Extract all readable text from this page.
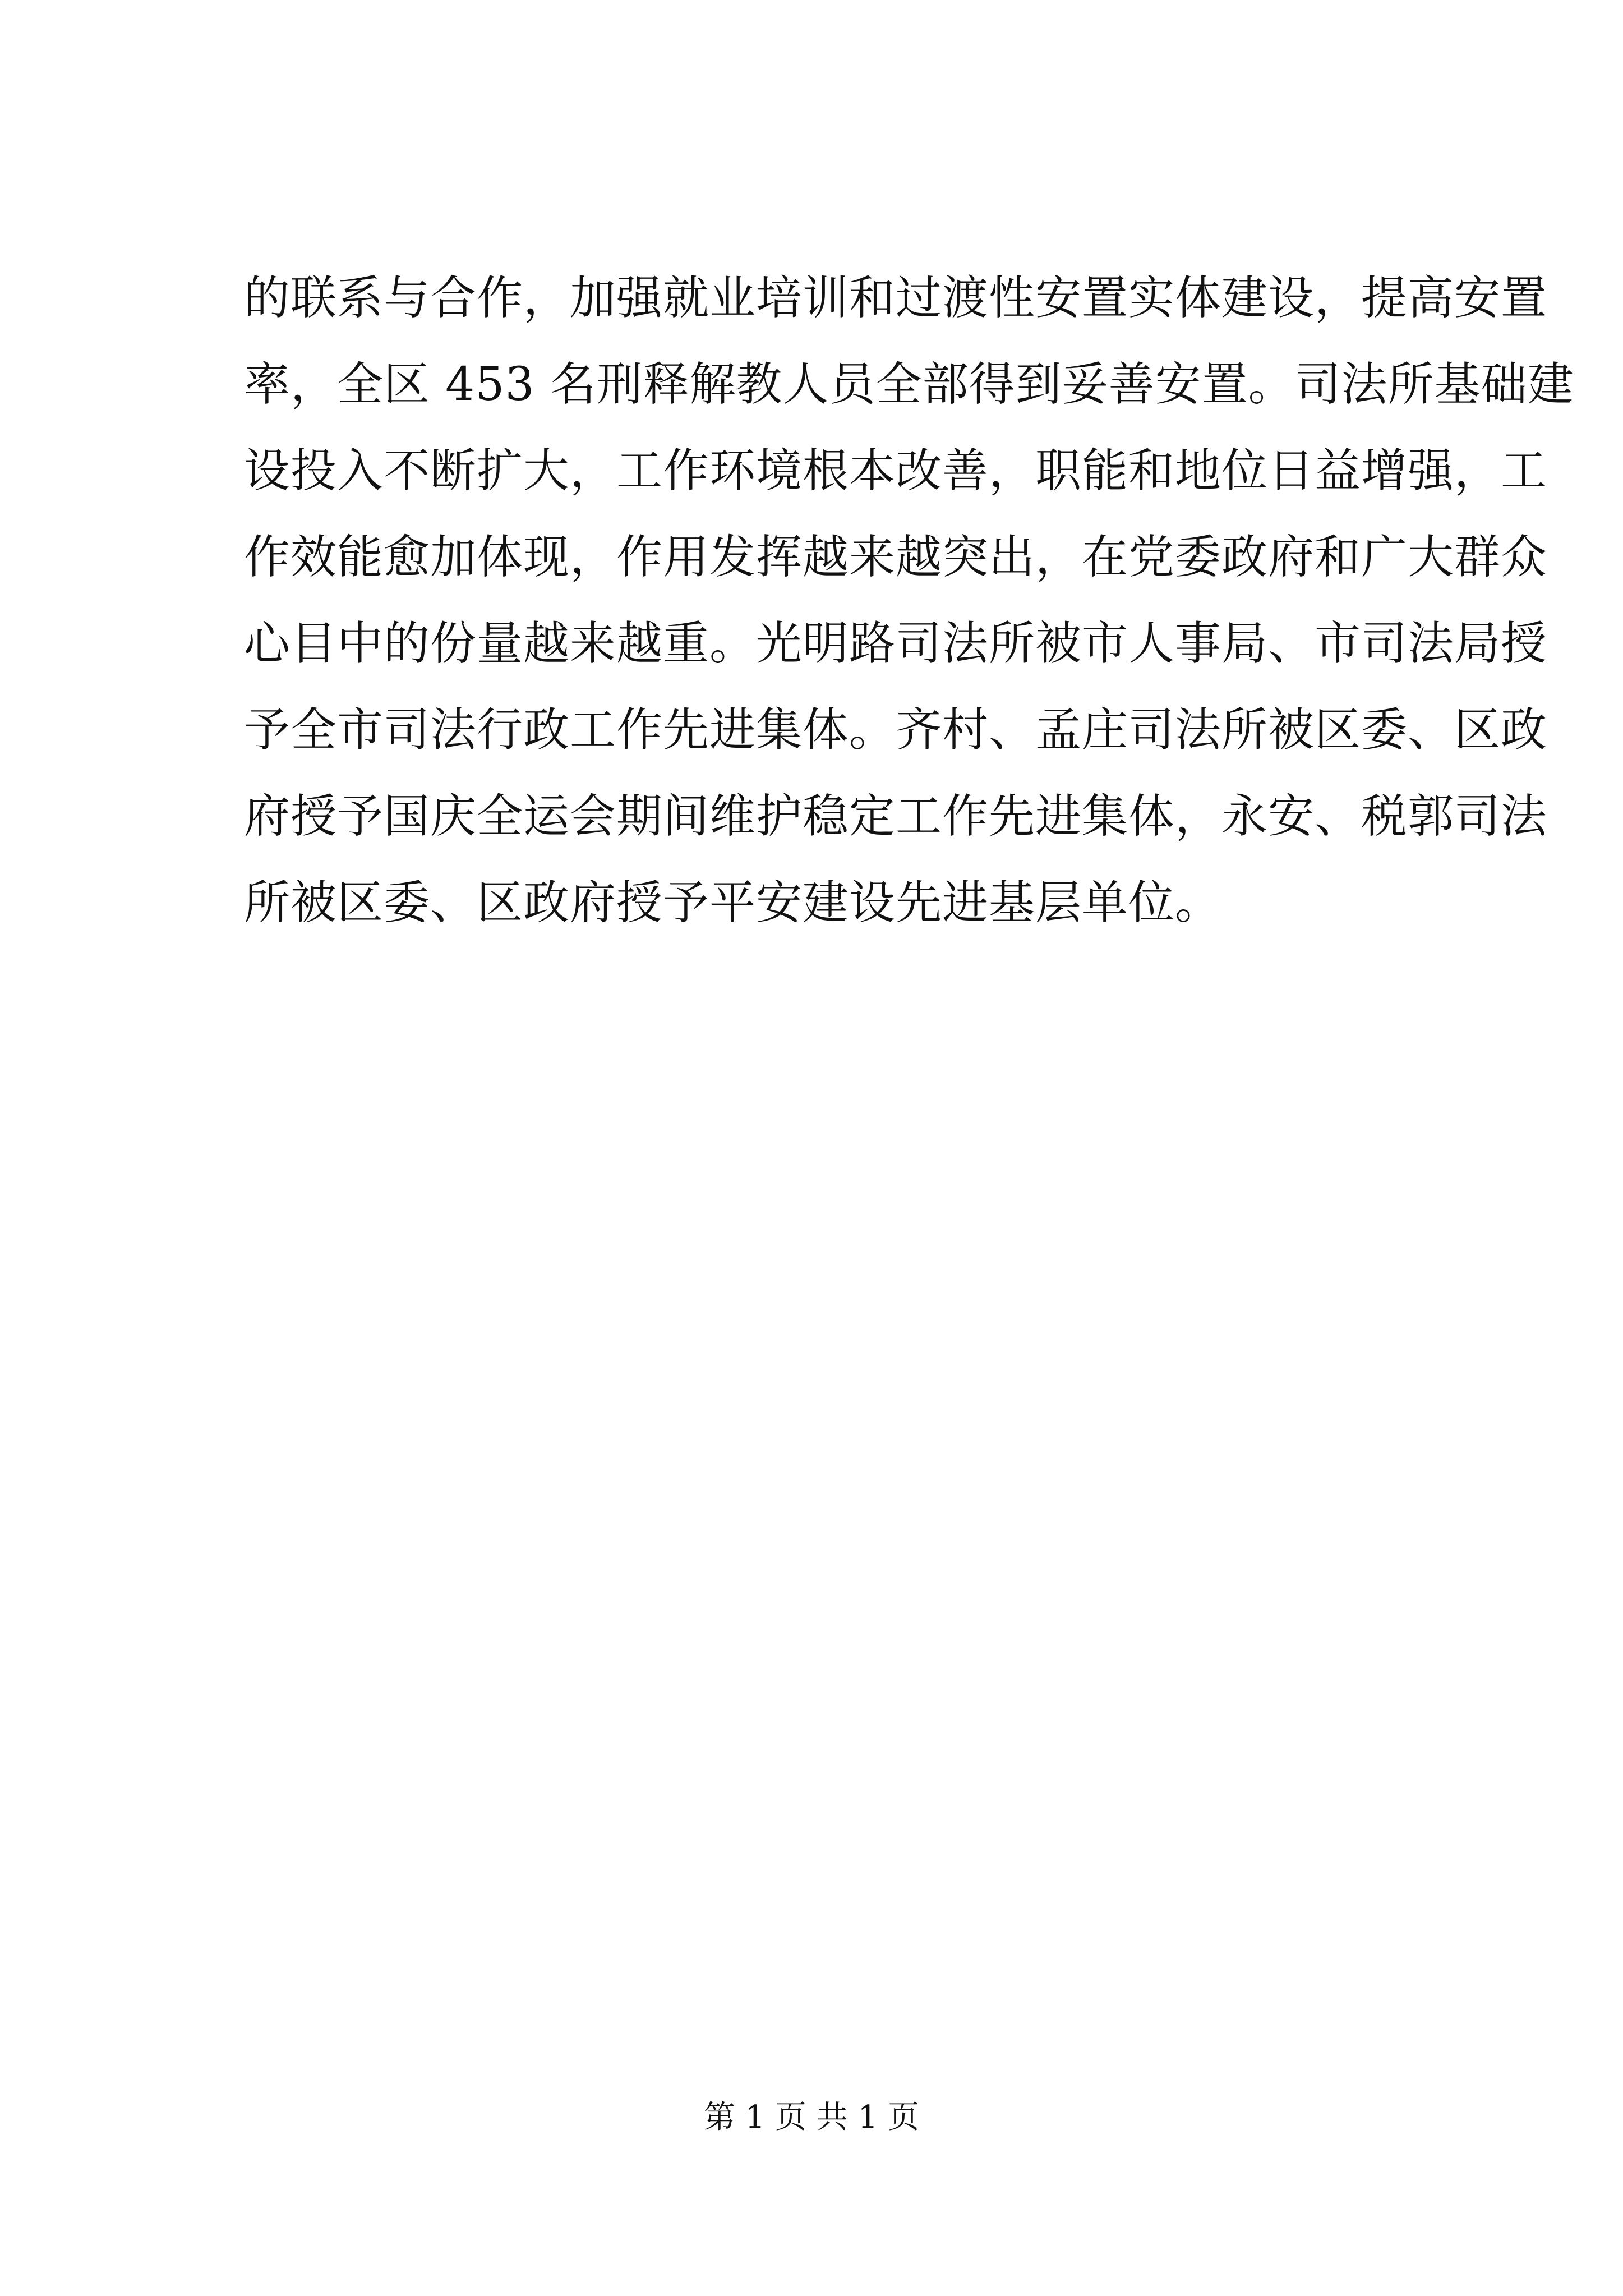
的联系与合作，加强就业培训和过渡性安置实体建设，提高安置
率，全区 453 名刑释解教人员全部得到妥善安置。司法所基础建
设投入不断扩大，工作环境根本改善，职能和地位日益增强，工
作效能愈加体现，作用发挥越来越突出，在党委政府和广大群众
心目中的份量越来越重。光明路司法所被市人事局、市司法局授
予全市司法行政工作先进集体。齐村、孟庄司法所被区委、区政
府授予国庆全运会期间维护稳定工作先进集体，永安、税郭司法
所被区委、区政府授予平安建设先进基层单位。
第 1 页 共 1 页
